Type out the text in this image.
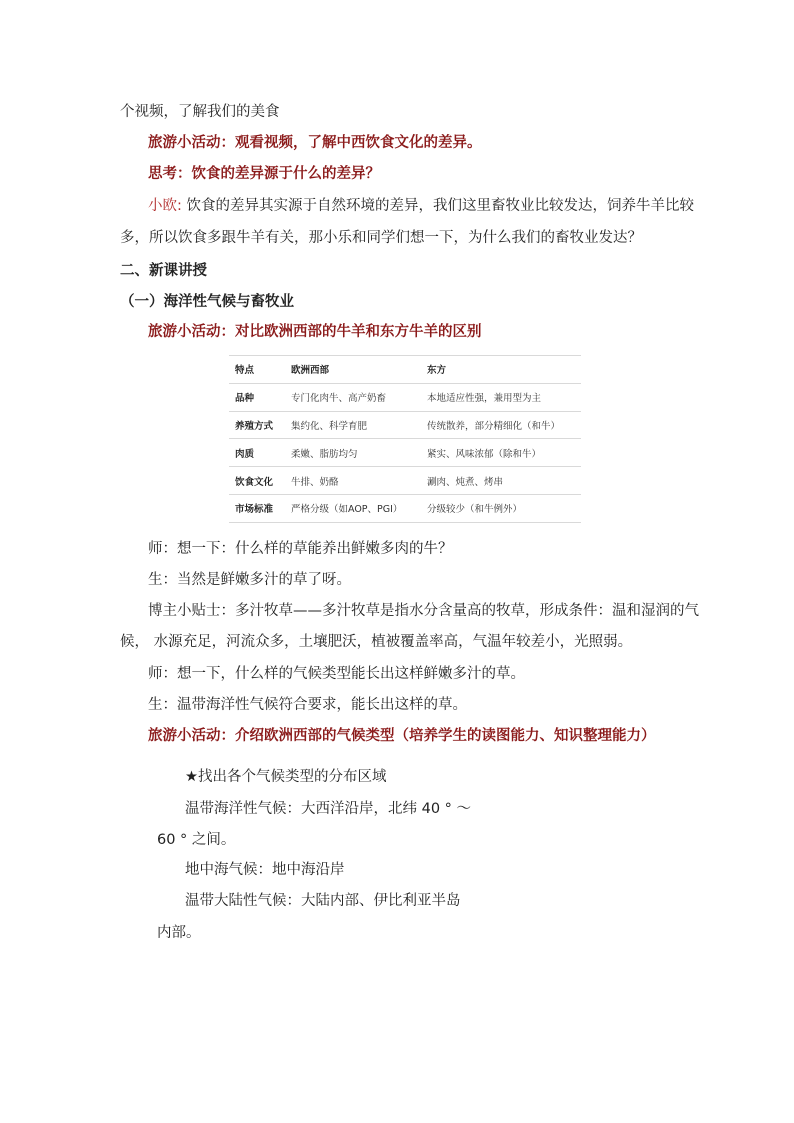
个视频，了解我们的美食
旅游小活动：观看视频，了解中西饮食文化的差异。
思考：饮食的差异源于什么的差异？
小欧: 饮食的差异其实源于自然环境的差异，我们这里畜牧业比较发达，饲养牛羊比较
多，所以饮食多跟牛羊有关，那小乐和同学们想一下，为什么我们的畜牧业发达？
二、新课讲授
（一）海洋性气候与畜牧业
旅游小活动：对比欧洲西部的牛羊和东方牛羊的区别
特点	欧洲西部	东方
品种	专门化肉牛、高产奶畜	本地适应性强，兼用型为主
养殖方式	集约化、科学育肥	传统散养，部分精细化（和牛）
肉质	柔嫩、脂肪均匀	紧实、风味浓郁（除和牛）
饮食文化	牛排、奶酪	涮肉、炖煮、烤串
市场标准	严格分级（如AOP、PGI）	分级较少（和牛例外）
师：想一下：什么样的草能养出鲜嫩多肉的牛？
生：当然是鲜嫩多汁的草了呀。
博主小贴士：多汁牧草——多汁牧草是指水分含量高的牧草，形成条件：温和湿润的气
候， 水源充足，河流众多，土壤肥沃，植被覆盖率高，气温年较差小，光照弱。
师：想一下，什么样的气候类型能长出这样鲜嫩多汁的草。
生：温带海洋性气候符合要求，能长出这样的草。
旅游小活动：介绍欧洲西部的气候类型（培养学生的读图能力、知识整理能力）
★找出各个气候类型的分布区域
温带海洋性气候：大西洋沿岸，北纬 40 ° ～
60 ° 之间。
地中海气候：地中海沿岸
温带大陆性气候：大陆内部、伊比利亚半岛
内部。
